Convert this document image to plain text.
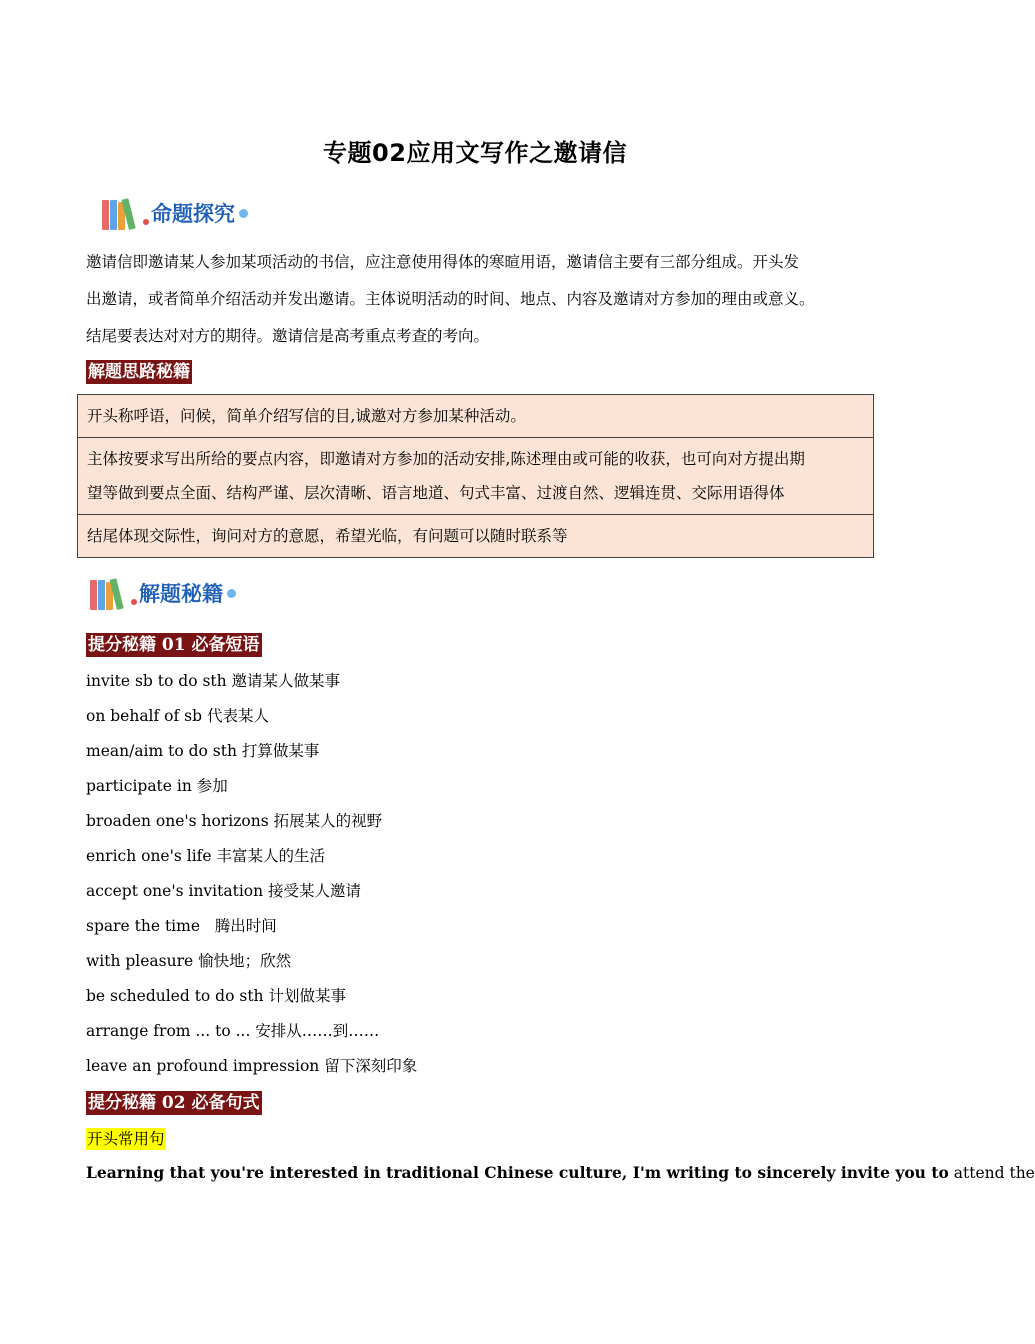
专题02应用文写作之邀请信
命题探究
邀请信即邀请某人参加某项活动的书信，应注意使用得体的寒暄用语，邀请信主要有三部分组成。开头发
出邀请，或者简单介绍活动并发出邀请。主体说明活动的时间、地点、内容及邀请对方参加的理由或意义。
结尾要表达对对方的期待。邀请信是高考重点考查的考向。
解题思路秘籍
开头称呼语，问候，简单介绍写信的目,诚邀对方参加某种活动。
主体按要求写出所给的要点内容，即邀请对方参加的活动安排,陈述理由或可能的收获，也可向对方提出期
望等做到要点全面、结构严谨、层次清晰、语言地道、句式丰富、过渡自然、逻辑连贯、交际用语得体
结尾体现交际性，询问对方的意愿，希望光临，有问题可以随时联系等
解题秘籍
提分秘籍 01 必备短语
invite sb to do sth 邀请某人做某事
on behalf of sb 代表某人
mean/aim to do sth 打算做某事
participate in 参加
broaden one's horizons 拓展某人的视野
enrich one's life 丰富某人的生活
accept one's invitation 接受某人邀请
spare the time   腾出时间
with pleasure 愉快地；欣然
be scheduled to do sth 计划做某事
arrange from ... to ... 安排从……到……
leave an profound impression 留下深刻印象
提分秘籍 02 必备句式
开头常用句
Learning that you're interested in traditional Chinese culture, I'm writing to sincerely invite you to attend the
